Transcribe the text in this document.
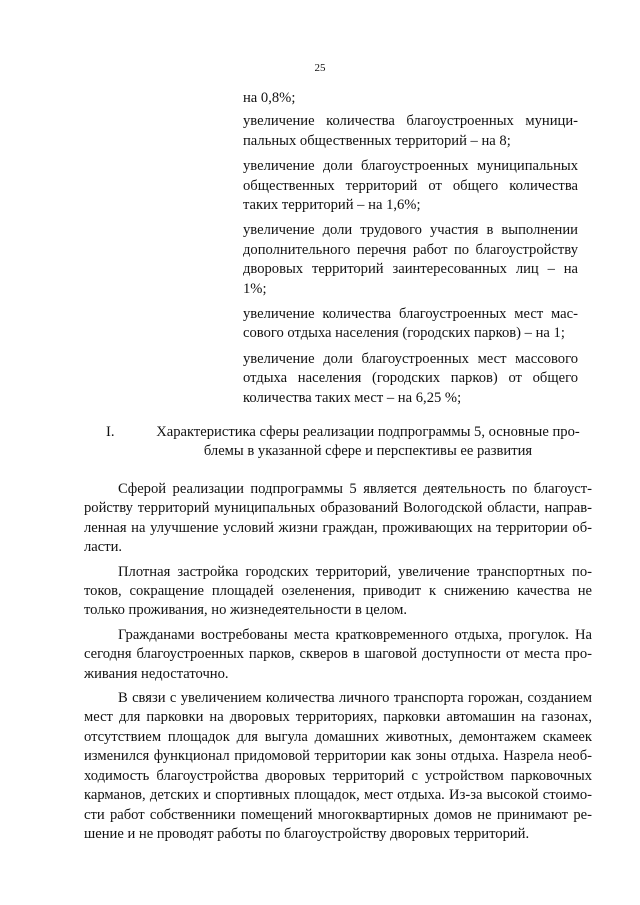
25

на 0,8%;

увеличение количества благоустроенных муниципальных общественных территорий – на 8;

увеличение доли благоустроенных муниципальных общественных территорий от общего количества таких территорий – на 1,6%;

увеличение доли трудового участия в выполнении дополнительного перечня работ по благоустройству дворовых территорий заинтересованных лиц – на 1%;

увеличение количества благоустроенных мест массового отдыха населения (городских парков) – на 1;

увеличение доли благоустроенных мест массового отдыха населения (городских парков) от общего количества таких мест – на 6,25 %;

I.	Характеристика сферы реализации подпрограммы 5, основные проблемы в указанной сфере и перспективы ее развития

Сферой реализации подпрограммы 5 является деятельность по благоустройству территорий муниципальных образований Вологодской области, направленная на улучшение условий жизни граждан, проживающих на территории области.

Плотная застройка городских территорий, увеличение транспортных потоков, сокращение площадей озеленения, приводит к снижению качества не только проживания, но жизнедеятельности в целом.

Гражданами востребованы места кратковременного отдыха, прогулок. На сегодня благоустроенных парков, скверов в шаговой доступности от места проживания недостаточно.

В связи с увеличением количества личного транспорта горожан, созданием мест для парковки на дворовых территориях, парковки автомашин на газонах, отсутствием площадок для выгула домашних животных, демонтажем скамеек изменился функционал придомовой территории как зоны отдыха. Назрела необходимость благоустройства дворовых территорий с устройством парковочных карманов, детских и спортивных площадок, мест отдыха. Из-за высокой стоимости работ собственники помещений многоквартирных домов не принимают решение и не проводят работы по благоустройству дворовых территорий.
